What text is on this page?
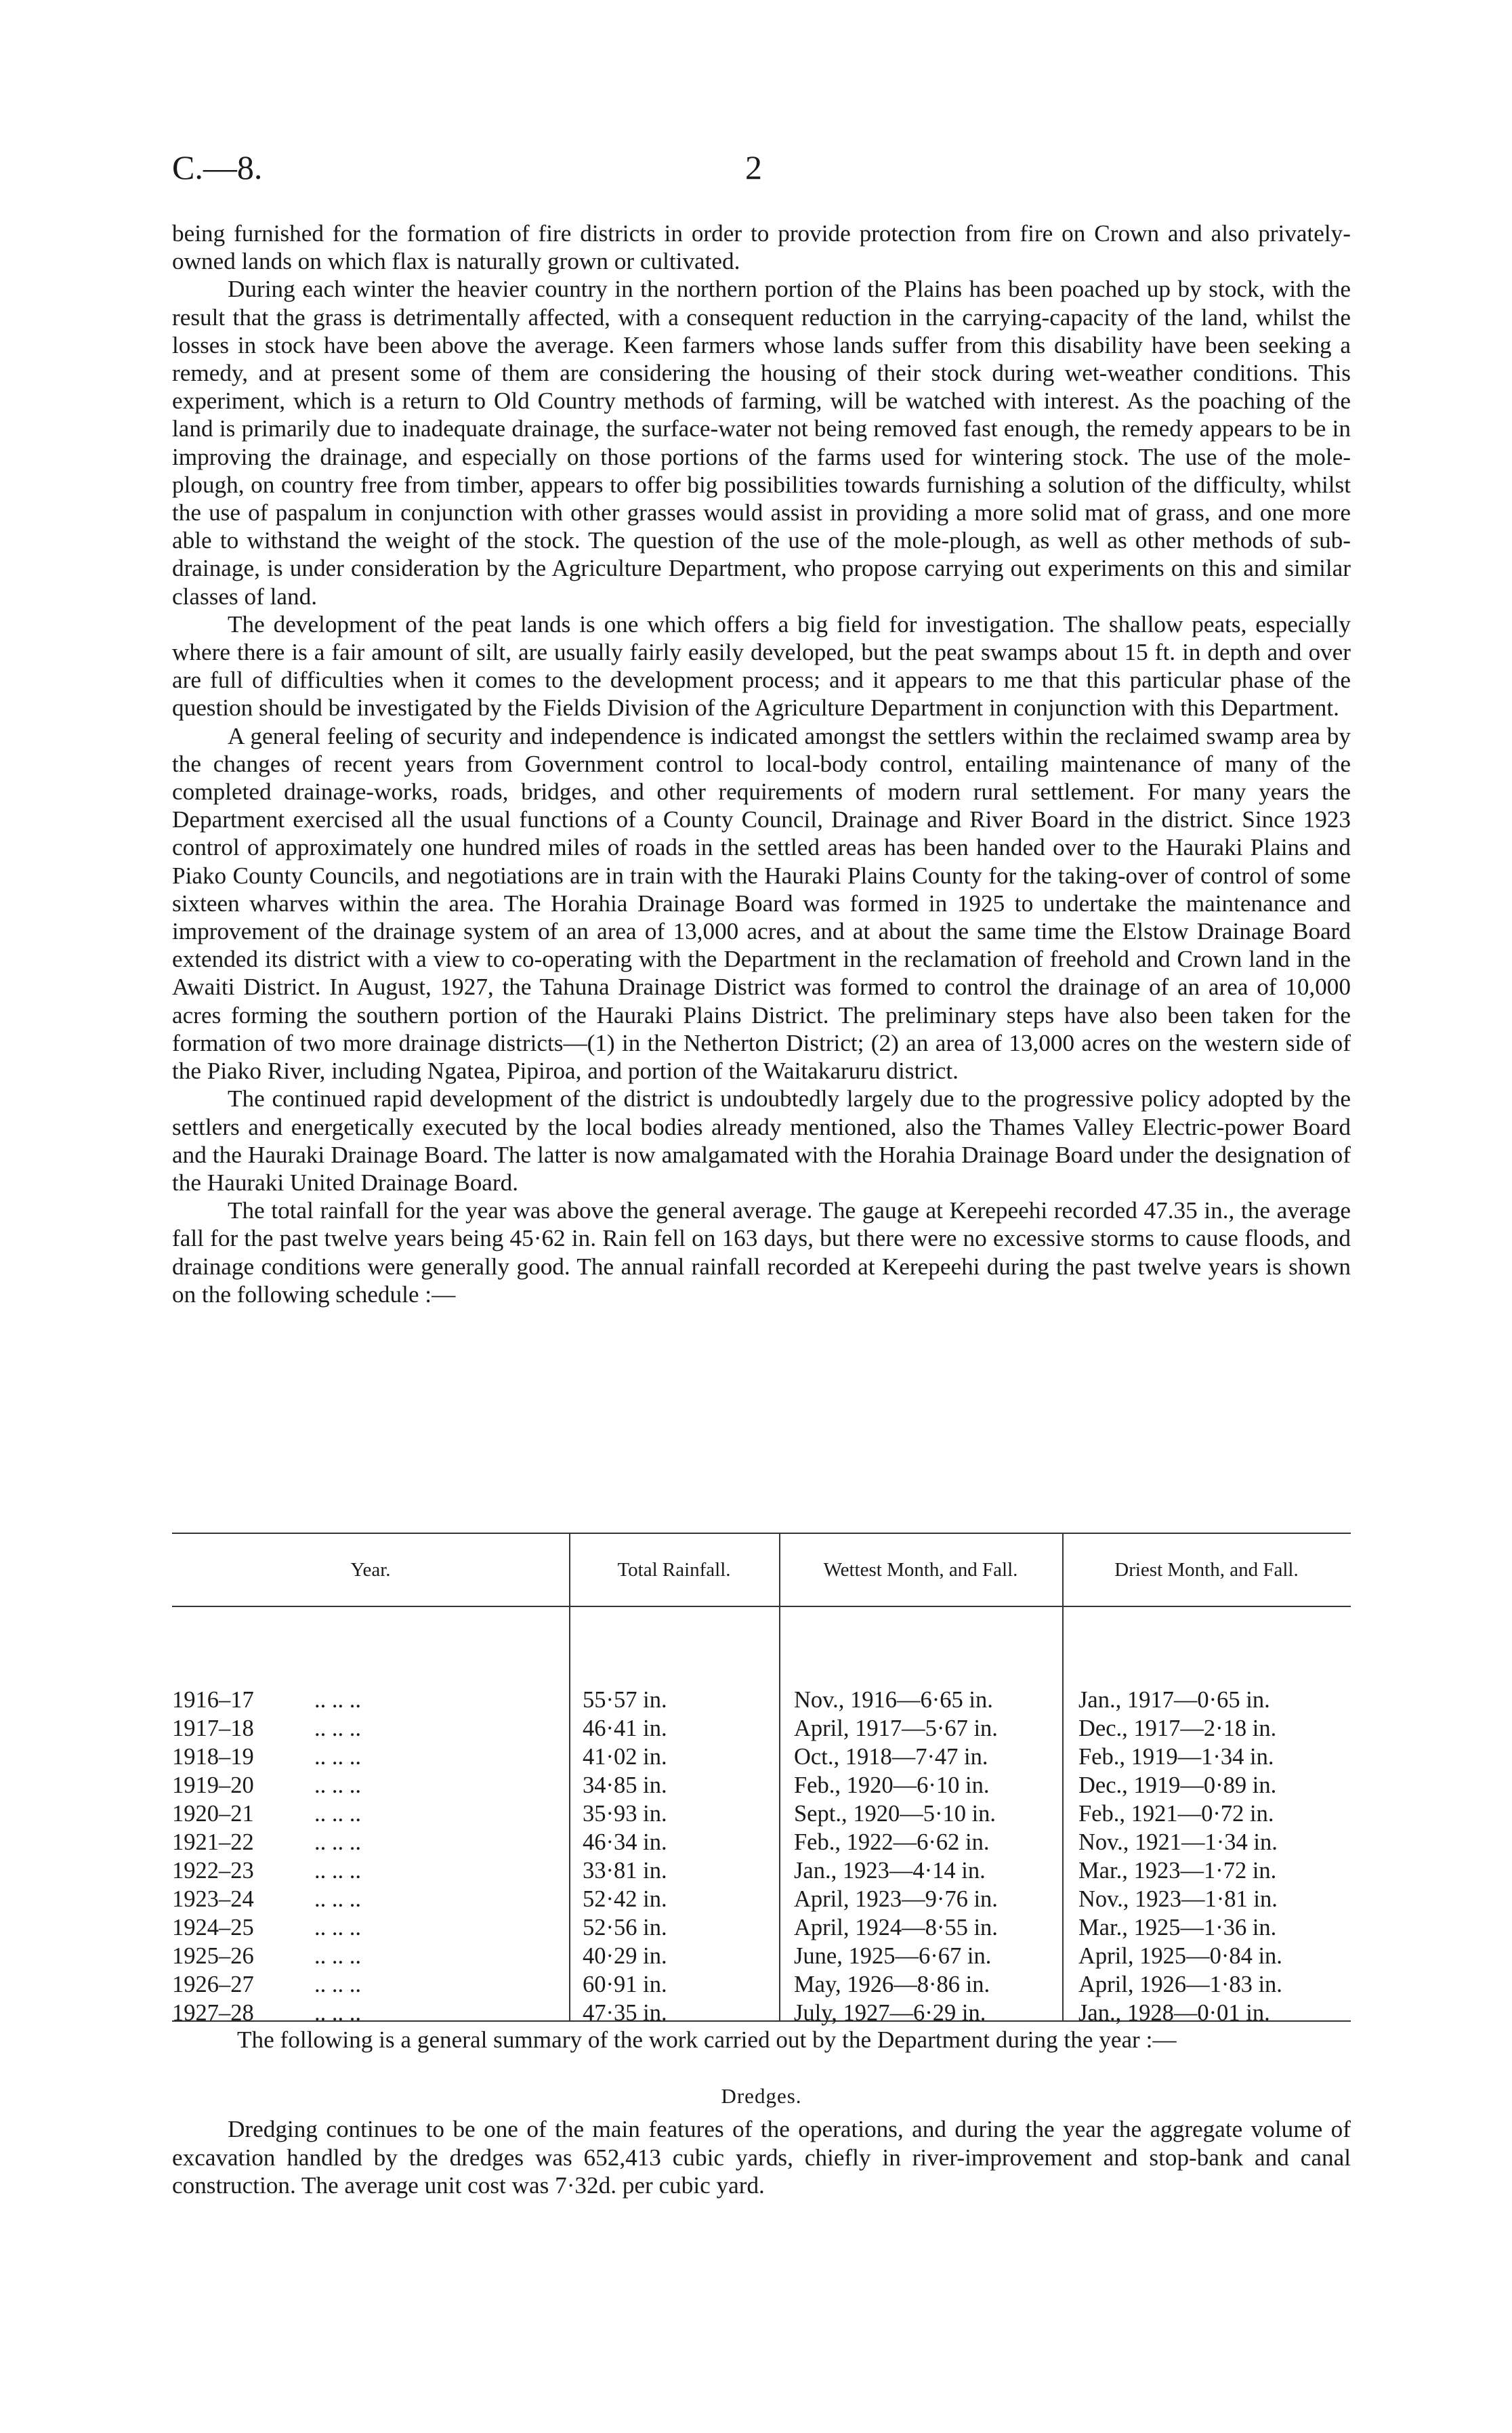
C.—8.	2

being furnished for the formation of fire districts in order to provide protection from fire on Crown and also privately-owned lands on which flax is naturally grown or cultivated.

During each winter the heavier country in the northern portion of the Plains has been poached up by stock, with the result that the grass is detrimentally affected, with a consequent reduction in the carrying-capacity of the land, whilst the losses in stock have been above the average. Keen farmers whose lands suffer from this disability have been seeking a remedy, and at present some of them are considering the housing of their stock during wet-weather conditions. This experiment, which is a return to Old Country methods of farming, will be watched with interest. As the poaching of the land is primarily due to inadequate drainage, the surface-water not being removed fast enough, the remedy appears to be in improving the drainage, and especially on those portions of the farms used for wintering stock. The use of the mole-plough, on country free from timber, appears to offer big possibilities towards furnishing a solution of the difficulty, whilst the use of paspalum in conjunction with other grasses would assist in providing a more solid mat of grass, and one more able to withstand the weight of the stock. The question of the use of the mole-plough, as well as other methods of sub-drainage, is under consideration by the Agriculture Department, who propose carrying out experiments on this and similar classes of land.

The development of the peat lands is one which offers a big field for investigation. The shallow peats, especially where there is a fair amount of silt, are usually fairly easily developed, but the peat swamps about 15 ft. in depth and over are full of difficulties when it comes to the development process; and it appears to me that this particular phase of the question should be investigated by the Fields Division of the Agriculture Department in conjunction with this Department.

A general feeling of security and independence is indicated amongst the settlers within the reclaimed swamp area by the changes of recent years from Government control to local-body control, entailing maintenance of many of the completed drainage-works, roads, bridges, and other requirements of modern rural settlement. For many years the Department exercised all the usual functions of a County Council, Drainage and River Board in the district. Since 1923 control of approximately one hundred miles of roads in the settled areas has been handed over to the Hauraki Plains and Piako County Councils, and negotiations are in train with the Hauraki Plains County for the taking-over of control of some sixteen wharves within the area. The Horahia Drainage Board was formed in 1925 to undertake the maintenance and improvement of the drainage system of an area of 13,000 acres, and at about the same time the Elstow Drainage Board extended its district with a view to co-operating with the Department in the reclamation of freehold and Crown land in the Awaiti District. In August, 1927, the Tahuna Drainage District was formed to control the drainage of an area of 10,000 acres forming the southern portion of the Hauraki Plains District. The preliminary steps have also been taken for the formation of two more drainage districts—(1) in the Netherton District; (2) an area of 13,000 acres on the western side of the Piako River, including Ngatea, Pipiroa, and portion of the Waitakaruru district.

The continued rapid development of the district is undoubtedly largely due to the progressive policy adopted by the settlers and energetically executed by the local bodies already mentioned, also the Thames Valley Electric-power Board and the Hauraki Drainage Board. The latter is now amalgamated with the Horahia Drainage Board under the designation of the Hauraki United Drainage Board.

The total rainfall for the year was above the general average. The gauge at Kerepeehi recorded 47.35 in., the average fall for the past twelve years being 45·62 in. Rain fell on 163 days, but there were no excessive storms to cause floods, and drainage conditions were generally good. The annual rainfall recorded at Kerepeehi during the past twelve years is shown on the following schedule :—

Year.	Total Rainfall.	Wettest Month, and Fall.	Driest Month, and Fall.
1916–17	.. .. ..	55·57 in.	Nov., 1916—6·65 in.	Jan., 1917—0·65 in.
1917–18	.. .. ..	46·41 in.	April, 1917—5·67 in.	Dec., 1917—2·18 in.
1918–19	.. .. ..	41·02 in.	Oct., 1918—7·47 in.	Feb., 1919—1·34 in.
1919–20	.. .. ..	34·85 in.	Feb., 1920—6·10 in.	Dec., 1919—0·89 in.
1920–21	.. .. ..	35·93 in.	Sept., 1920—5·10 in.	Feb., 1921—0·72 in.
1921–22	.. .. ..	46·34 in.	Feb., 1922—6·62 in.	Nov., 1921—1·34 in.
1922–23	.. .. ..	33·81 in.	Jan., 1923—4·14 in.	Mar., 1923—1·72 in.
1923–24	.. .. ..	52·42 in.	April, 1923—9·76 in.	Nov., 1923—1·81 in.
1924–25	.. .. ..	52·56 in.	April, 1924—8·55 in.	Mar., 1925—1·36 in.
1925–26	.. .. ..	40·29 in.	June, 1925—6·67 in.	April, 1925—0·84 in.
1926–27	.. .. ..	60·91 in.	May, 1926—8·86 in.	April, 1926—1·83 in.
1927–28	.. .. ..	47·35 in.	July, 1927—6·29 in.	Jan., 1928—0·01 in.

The following is a general summary of the work carried out by the Department during the year :—

Dredges.

Dredging continues to be one of the main features of the operations, and during the year the aggregate volume of excavation handled by the dredges was 652,413 cubic yards, chiefly in river-improvement and stop-bank and canal construction. The average unit cost was 7·32d. per cubic yard.
